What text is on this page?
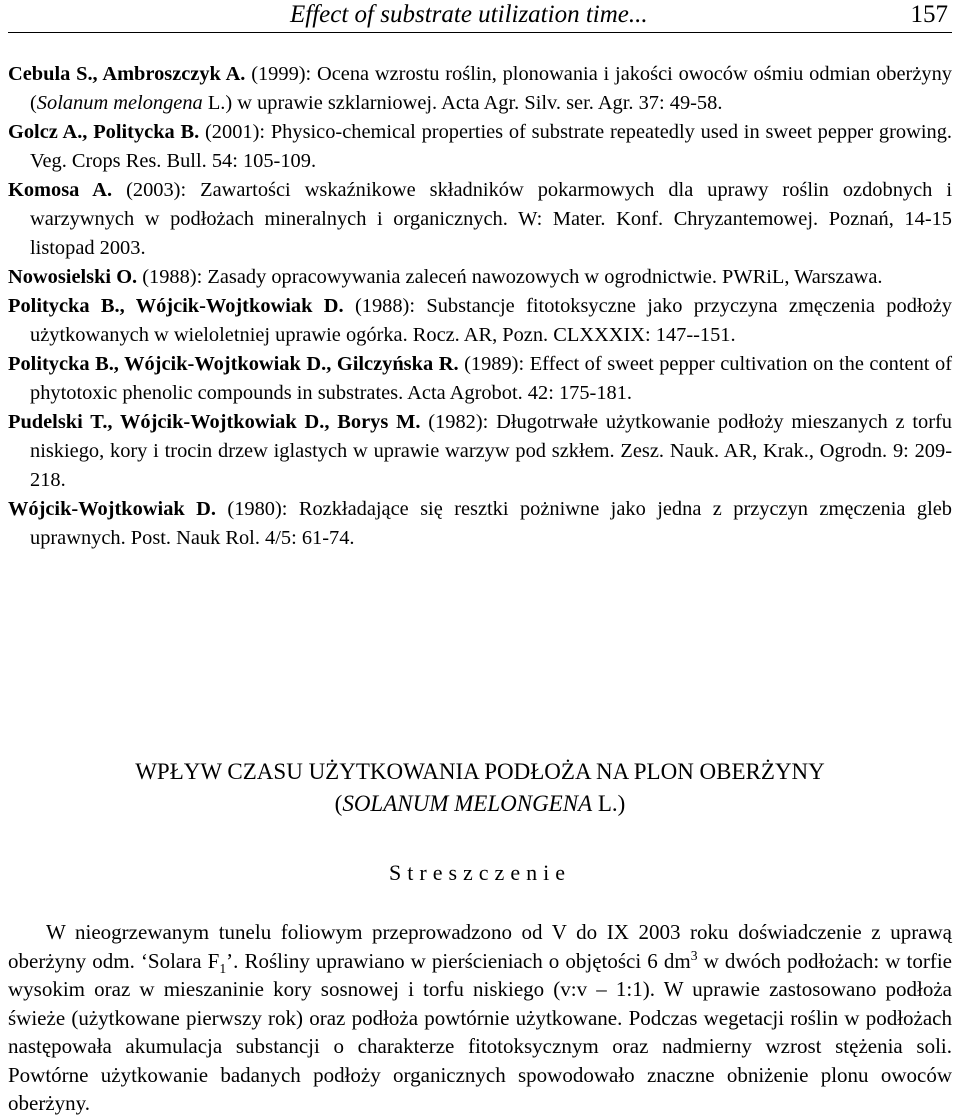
Effect of substrate utilization time...	157

Cebula S., Ambroszczyk A. (1999): Ocena wzrostu roślin, plonowania i jakości owoców ośmiu odmian oberżyny (Solanum melongena L.) w uprawie szklarniowej. Acta Agr. Silv. ser. Agr. 37: 49-58.

Golcz A., Politycka B. (2001): Physico-chemical properties of substrate repeatedly used in sweet pepper growing. Veg. Crops Res. Bull. 54: 105-109.

Komosa A. (2003): Zawartości wskaźnikowe składników pokarmowych dla uprawy roślin ozdobnych i warzywnych w podłożach mineralnych i organicznych. W: Mater. Konf. Chryzantemowej. Poznań, 14-15 listopad 2003.

Nowosielski O. (1988): Zasady opracowywania zaleceń nawozowych w ogrodnictwie. PWRiL, Warszawa.

Politycka B., Wójcik-Wojtkowiak D. (1988): Substancje fitotoksyczne jako przyczyna zmęczenia podłoży użytkowanych w wieloletniej uprawie ogórka. Rocz. AR, Pozn. CLXXXIX: 147--151.

Politycka B., Wójcik-Wojtkowiak D., Gilczyńska R. (1989): Effect of sweet pepper cultivation on the content of phytotoxic phenolic compounds in substrates. Acta Agrobot. 42: 175-181.

Pudelski T., Wójcik-Wojtkowiak D., Borys M. (1982): Długotrwałe użytkowanie podłoży mieszanych z torfu niskiego, kory i trocin drzew iglastych w uprawie warzyw pod szkłem. Zesz. Nauk. AR, Krak., Ogrodn. 9: 209-218.

Wójcik-Wojtkowiak D. (1980): Rozkładające się resztki pożniwne jako jedna z przyczyn zmęczenia gleb uprawnych. Post. Nauk Rol. 4/5: 61-74.

WPŁYW CZASU UŻYTKOWANIA PODŁOŻA NA PLON OBERŻYNY
(SOLANUM MELONGENA L.)
Streszczenie

W nieogrzewanym tunelu foliowym przeprowadzono od V do IX 2003 roku doświadczenie z uprawą oberżyny odm. ‘Solara $F_1$’. Rośliny uprawiano w pierścieniach o objętości 6 $dm^3$ w dwóch podłożach: w torfie wysokim oraz w mieszaninie kory sosnowej i torfu niskiego (v:v – 1:1). W uprawie zastosowano podłoża świeże (użytkowane pierwszy rok) oraz podłoża powtórnie użytkowane. Podczas wegetacji roślin w podłożach następowała akumulacja substancji o charakterze fitotoksycznym oraz nadmierny wzrost stężenia soli. Powtórne użytkowanie badanych podłoży organicznych spowodowało znaczne obniżenie plonu owoców oberżyny.
